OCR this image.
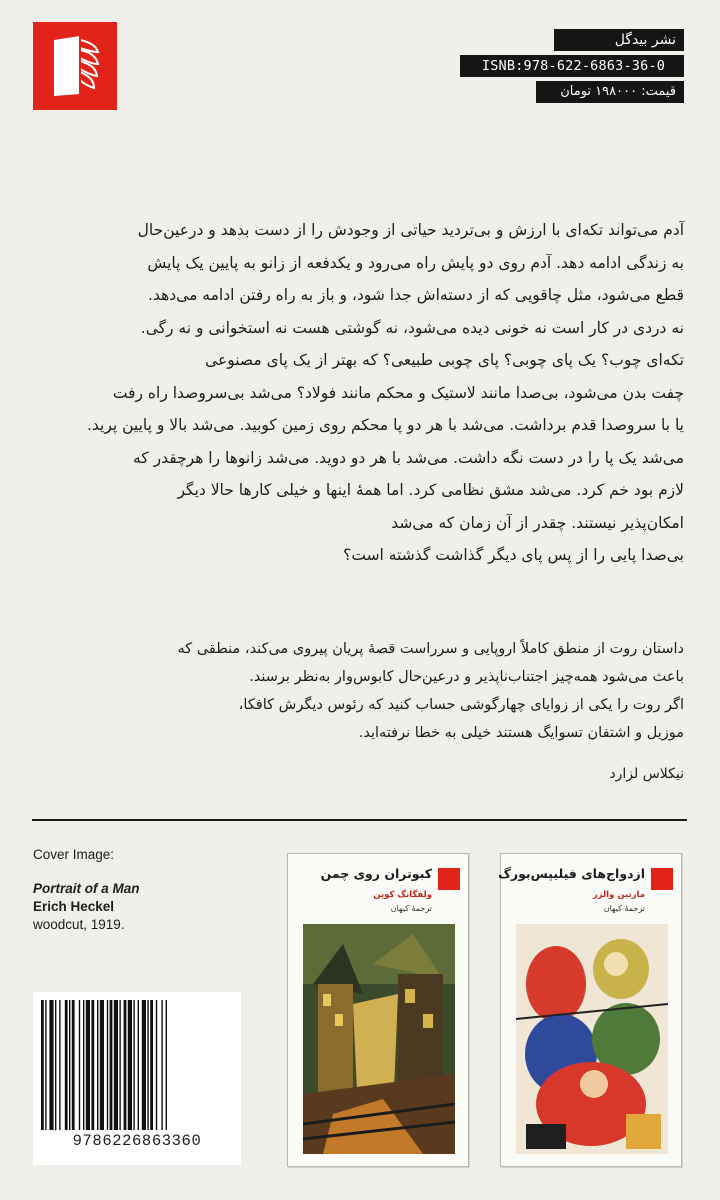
نشر بیدگل
ISNB:978-622-6863-36-0
قیمت: ۱۹۸۰۰۰ تومان

آدم می‌تواند تکه‌ای با ارزش و بی‌تردید حیاتی از وجودش را از دست بدهد و درعین‌حال

به زندگی ادامه دهد. آدم روی دو پایش راه می‌رود و یکدفعه از زانو به پایین یک پایش

قطع می‌شود، مثل چاقویی که از دسته‌اش جدا شود، و باز به راه رفتن ادامه می‌دهد.

نه دردی در کار است نه خونی دیده می‌شود، نه گوشتی هست نه استخوانی و نه رگی.

تکه‌ای چوب؟ یک پای چوبی؟ پای چوبی طبیعی؟ که بهتر از یک پای مصنوعی

چفت بدن می‌شود، بی‌صدا مانند لاستیک و محکم مانند فولاد؟ می‌شد بی‌سروصدا راه رفت

یا با سروصدا قدم برداشت. می‌شد با هر دو پا محکم روی زمین کوبید. می‌شد بالا و پایین پرید.

می‌شد یک پا را در دست نگه داشت. می‌شد با هر دو دوید. می‌شد زانوها را هرچقدر که

لازم بود خم کرد. می‌شد مشق نظامی کرد. اما همهٔ اینها و خیلی کارها حالا دیگر

امکان‌پذیر نیستند. چقدر از آن زمان که می‌شد

بی‌صدا پایی را از پس پای دیگر گذاشت گذشته است؟

داستان روت از منطق کاملاً اروپایی و سرراست قصهٔ پریان پیروی می‌کند، منطقی که

باعث می‌شود همه‌چیز اجتناب‌ناپذیر و درعین‌حال کابوس‌وار به‌نظر برسند.

اگر روت را یکی از زوایای چهارگوشی حساب کنید که رئوس دیگرش کافکا،

موزیل و اشتفان تسوایگ هستند خیلی به خطا نرفته‌اید.

نیکلاس لزارد
Cover Image:
Portrait of a Man
Erich Heckel
woodcut, 1919.
9786226863360
کبوتران روی چمن
ولفگانگ کوپن
ترجمهٔ کیهان
ازدواج‌های فیلیپس‌بورگ
مارتین والزر
ترجمهٔ کیهان
